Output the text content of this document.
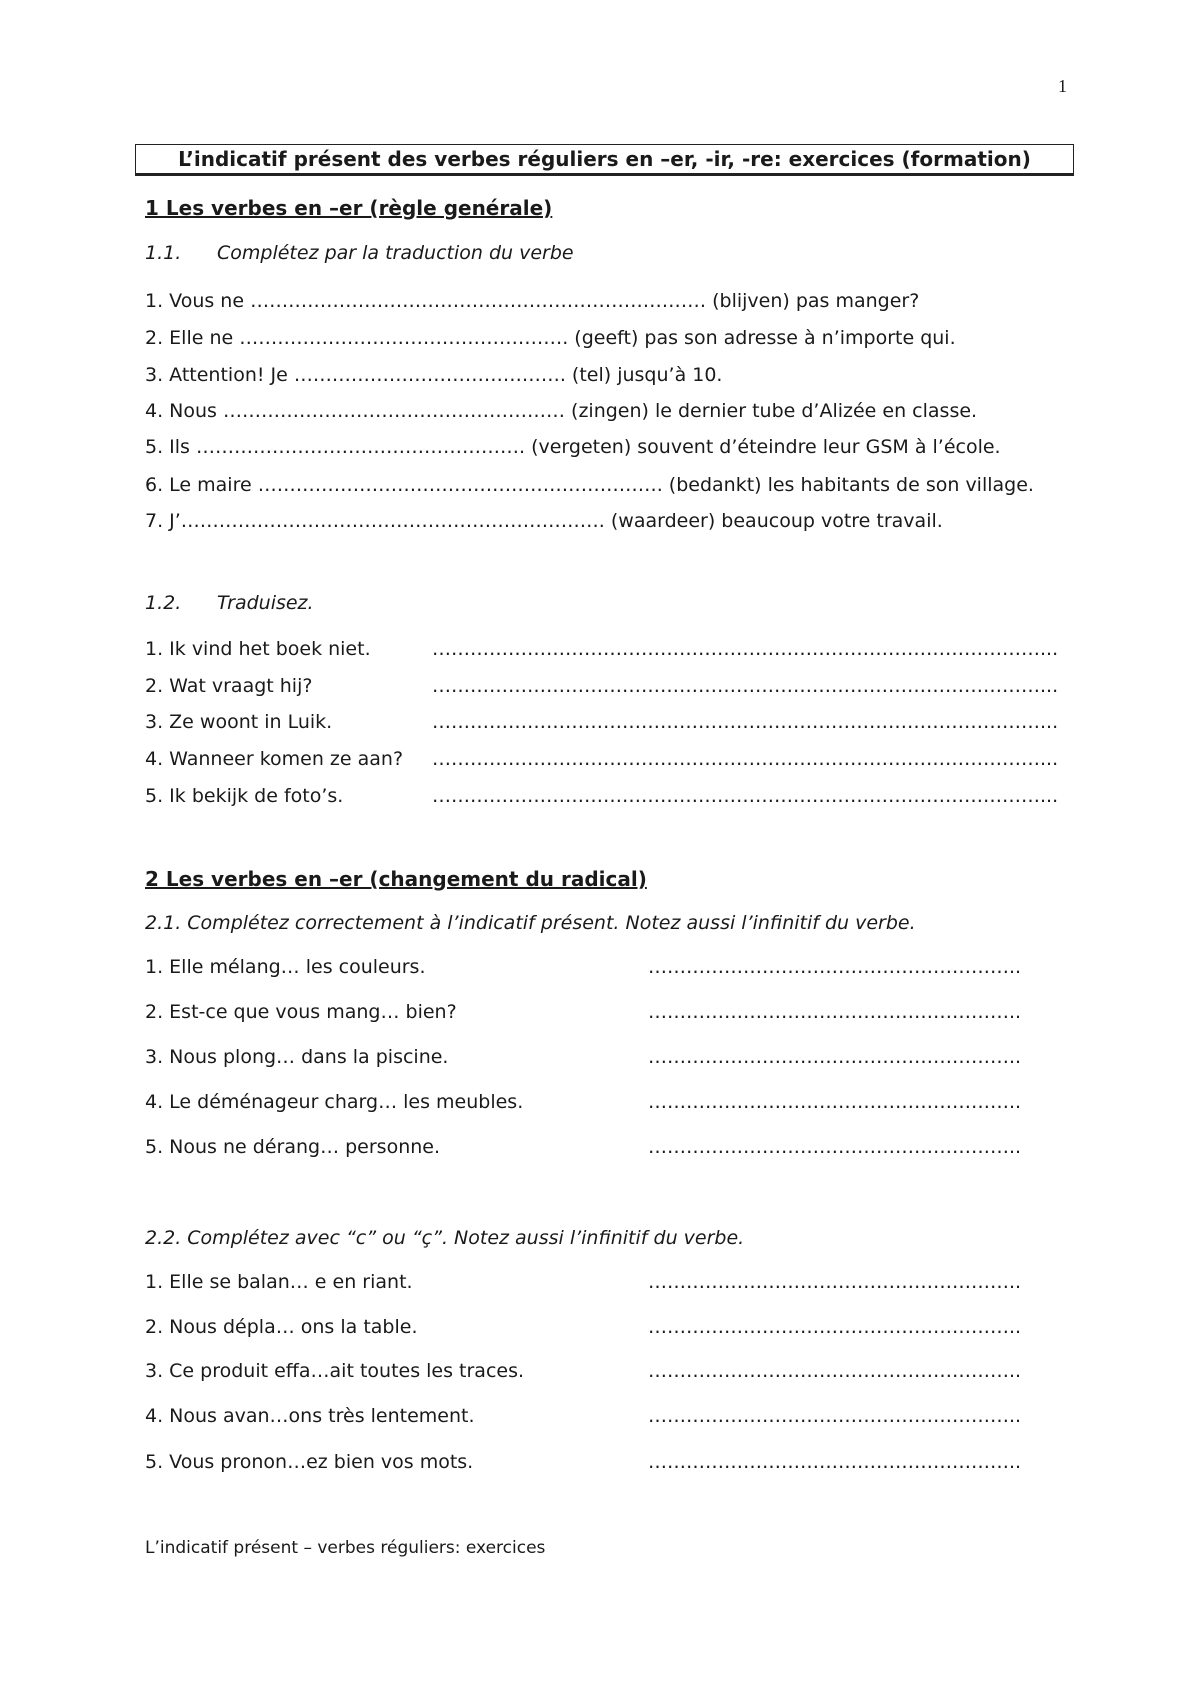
1
L’indicatif présent des verbes réguliers en –er, -ir, -re: exercices (formation)
1 Les verbes en –er (règle genérale)
1.1. Complétez par la traduction du verbe
1. Vous ne ……………………………………………………………… (blijven) pas manger?
2. Elle ne ……………………………………………. (geeft) pas son adresse à n’importe qui.
3. Attention! Je ……………………………………. (tel) jusqu’à 10.
4. Nous ……………………………………………… (zingen) le dernier tube d’Alizée en classe.
5. Ils ……………………………………………. (vergeten) souvent d’éteindre leur GSM à l’école.
6. Le maire ………………………………………………………. (bedankt) les habitants de son village.
7. J’…………………………………………………………. (waardeer) beaucoup votre travail.
1.2. Traduisez.
1. Ik vind het boek niet.	……………………………………………………………………………………...
2. Wat vraagt hij?	……………………………………………………………………………………...
3. Ze woont in Luik.	……………………………………………………………………………………...
4. Wanneer komen ze aan? ……………………………………………………………………………………...
5. Ik bekijk de foto’s.	……………………………………………………………………………………...
2 Les verbes en –er (changement du radical)
2.1. Complétez correctement à l’indicatif présent. Notez aussi l’infinitif du verbe.
1. Elle mélang… les couleurs.	…………………………………………………..
2. Est-ce que vous mang… bien?	…………………………………………………..
3. Nous plong… dans la piscine.	…………………………………………………..
4. Le déménageur charg… les meubles.	…………………………………………………..
5. Nous ne dérang… personne.	…………………………………………………..
2.2. Complétez avec “c” ou “ç”. Notez aussi l’infinitif du verbe.
1. Elle se balan… e en riant.	…………………………………………………..
2. Nous dépla… ons la table.	…………………………………………………..
3. Ce produit effa…ait toutes les traces.	…………………………………………………..
4. Nous avan…ons très lentement.	…………………………………………………..
5. Vous pronon…ez bien vos mots.	…………………………………………………..
L’indicatif présent – verbes réguliers: exercices
